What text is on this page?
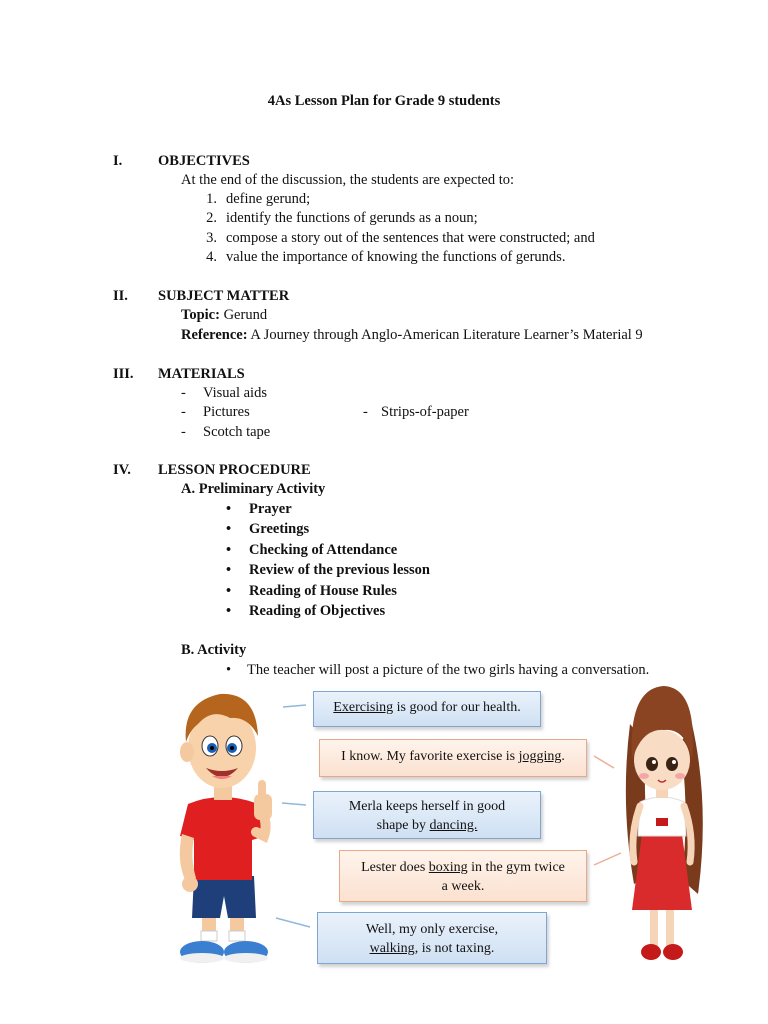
4As Lesson Plan for Grade 9 students
I. OBJECTIVES
At the end of the discussion, the students are expected to:
1. define gerund;
2. identify the functions of gerunds as a noun;
3. compose a story out of the sentences that were constructed; and
4. value the importance of knowing the functions of gerunds.
II. SUBJECT MATTER
Topic: Gerund
Reference: A Journey through Anglo-American Literature Learner’s Material 9
III. MATERIALS
- Visual aids
- Pictures	- Strips-of-paper
- Scotch tape
IV. LESSON PROCEDURE
A. Preliminary Activity
• Prayer
• Greetings
• Checking of Attendance
• Review of the previous lesson
• Reading of House Rules
• Reading of Objectives
B. Activity
• The teacher will post a picture of the two girls having a conversation.
Exercising is good for our health.
I know. My favorite exercise is jogging.
Merla keeps herself in good shape by dancing.
Lester does boxing in the gym twice a week.
Well, my only exercise, walking, is not taxing.
